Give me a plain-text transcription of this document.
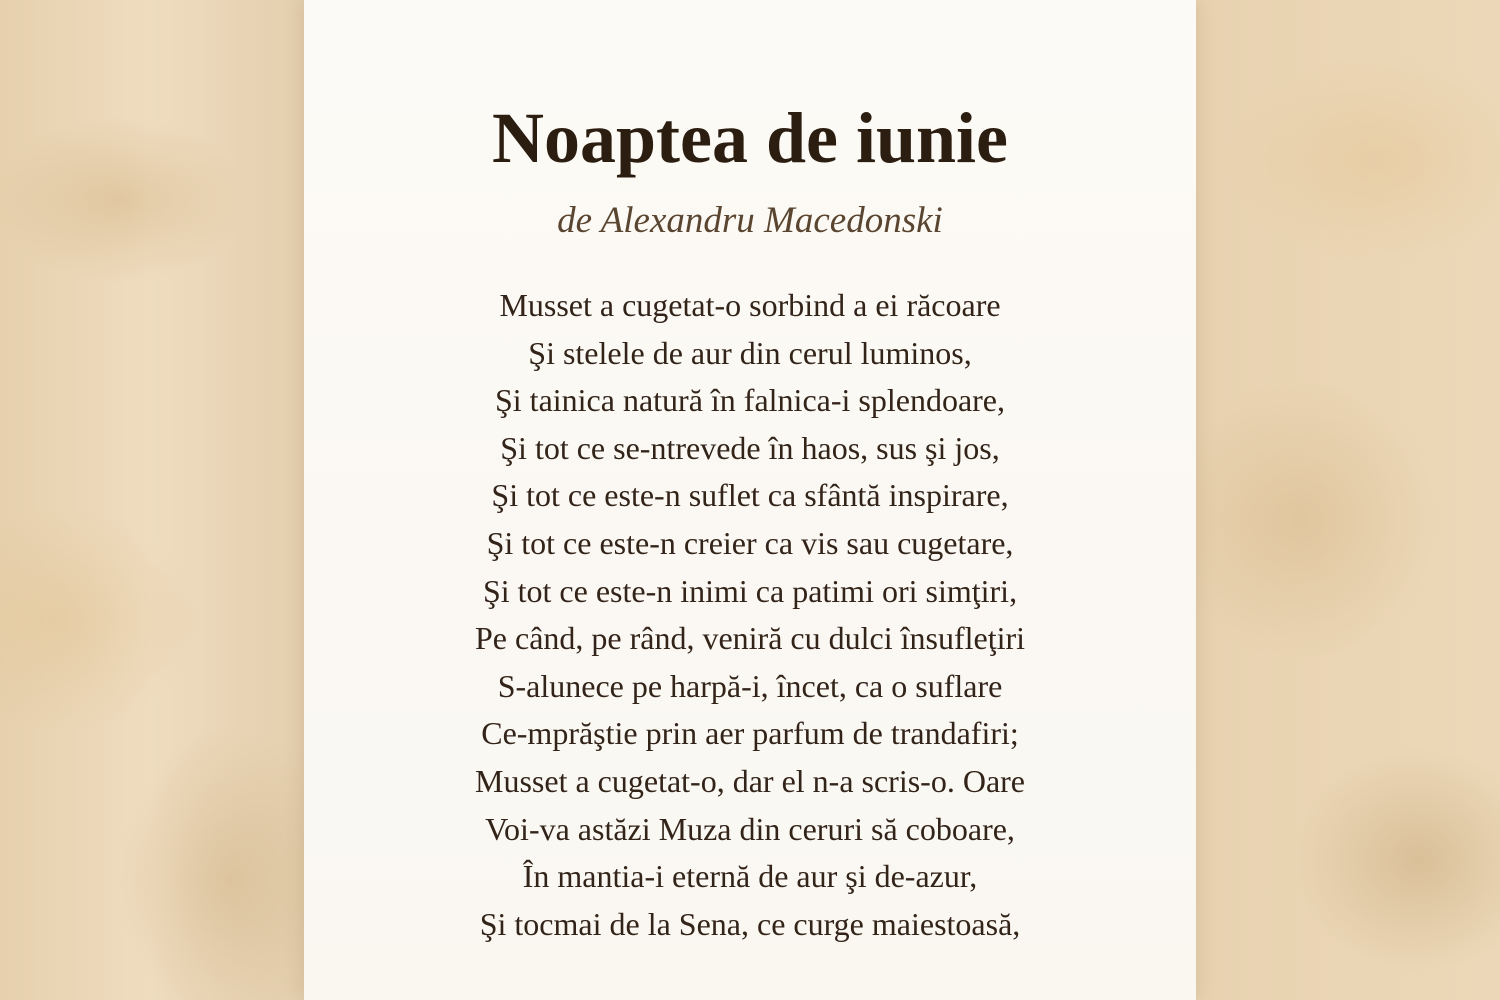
Noaptea de iunie
de Alexandru Macedonski
Musset a cugetat-o sorbind a ei răcoare
Şi stelele de aur din cerul luminos,
Şi tainica natură în falnica-i splendoare,
Şi tot ce se-ntrevede în haos, sus şi jos,
Şi tot ce este-n suflet ca sfântă inspirare,
Şi tot ce este-n creier ca vis sau cugetare,
Şi tot ce este-n inimi ca patimi ori simţiri,
Pe când, pe rând, veniră cu dulci însufleţiri
S-alunece pe harpă-i, încet, ca o suflare
Ce-mprăştie prin aer parfum de trandafiri;
Musset a cugetat-o, dar el n-a scris-o. Oare
Voi-va astăzi Muza din ceruri să coboare,
În mantia-i eternă de aur şi de-azur,
Şi tocmai de la Sena, ce curge maiestoasă,
